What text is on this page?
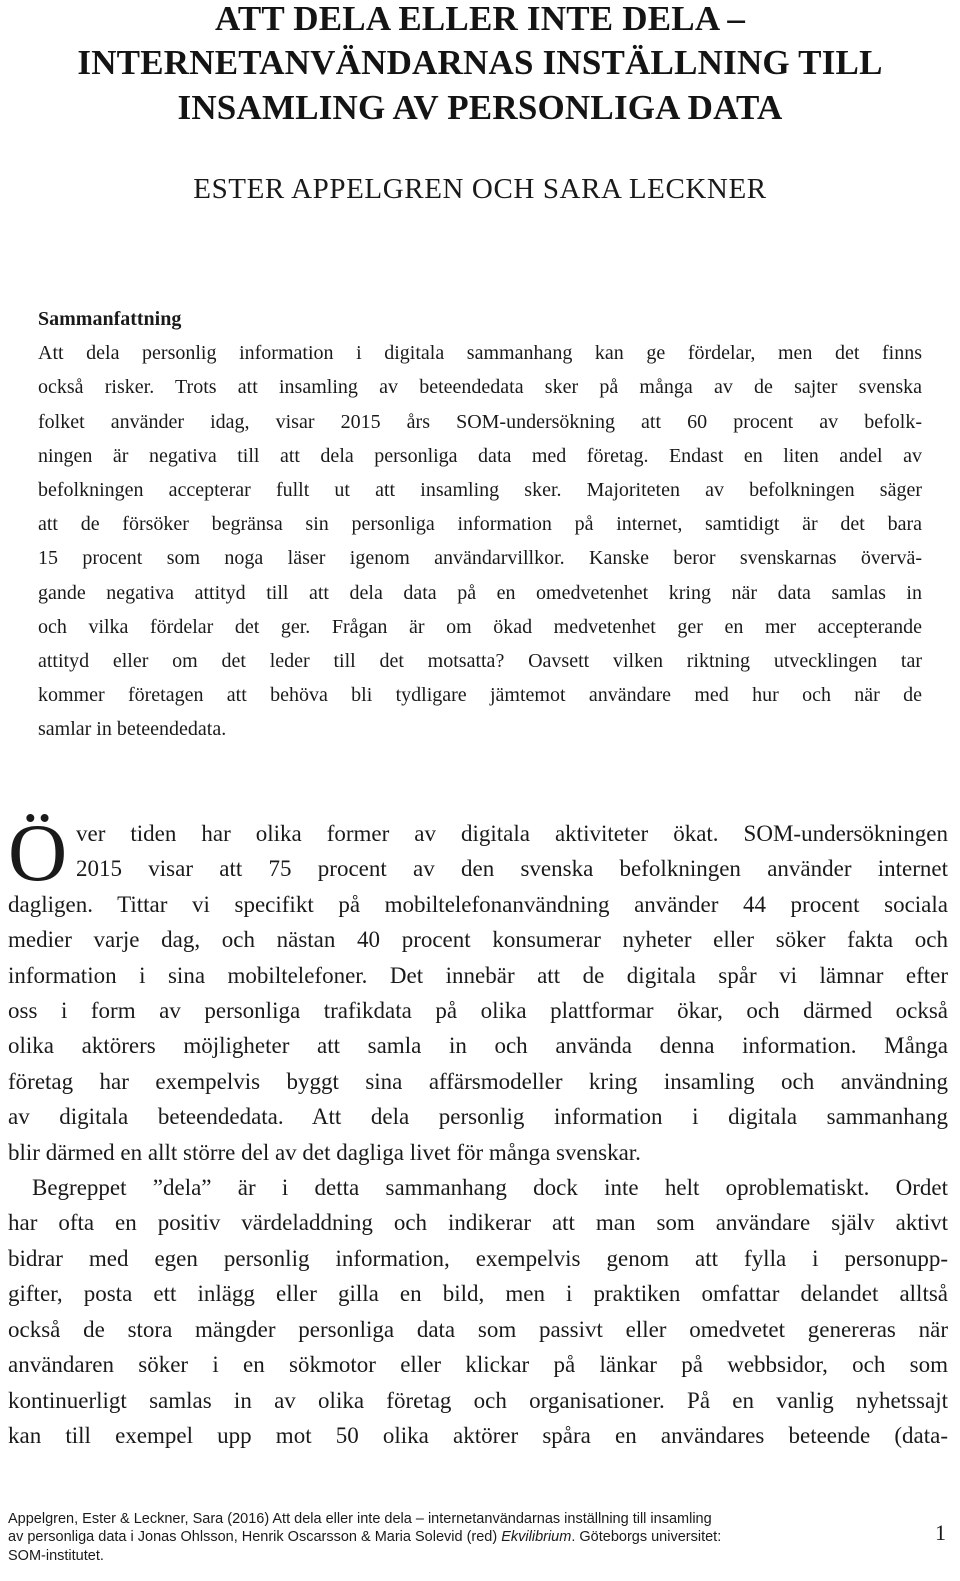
ATT DELA ELLER INTE DELA –
INTERNETANVÄNDARNAS INSTÄLLNING TILL
INSAMLING AV PERSONLIGA DATA
ESTER APPELGREN OCH SARA LECKNER
Sammanfattning
Att dela personlig information i digitala sammanhang kan ge fördelar, men det finns
också risker. Trots att insamling av beteendedata sker på många av de sajter svenska
folket använder idag, visar 2015 års SOM-undersökning att 60 procent av befolk-
ningen är negativa till att dela personliga data med företag. Endast en liten andel av
befolkningen accepterar fullt ut att insamling sker. Majoriteten av befolkningen säger
att de försöker begränsa sin personliga information på internet, samtidigt är det bara
15 procent som noga läser igenom användarvillkor. Kanske beror svenskarnas övervä-
gande negativa attityd till att dela data på en omedvetenhet kring när data samlas in
och vilka fördelar det ger. Frågan är om ökad medvetenhet ger en mer accepterande
attityd eller om det leder till det motsatta? Oavsett vilken riktning utvecklingen tar
kommer företagen att behöva bli tydligare jämtemot användare med hur och när de
samlar in beteendedata.
Ö ver tiden har olika former av digitala aktiviteter ökat. SOM-undersökningen
2015 visar att 75 procent av den svenska befolkningen använder internet
dagligen. Tittar vi specifikt på mobiltelefonanvändning använder 44 procent sociala
medier varje dag, och nästan 40 procent konsumerar nyheter eller söker fakta och
information i sina mobiltelefoner. Det innebär att de digitala spår vi lämnar efter
oss i form av personliga trafikdata på olika plattformar ökar, och därmed också
olika aktörers möjligheter att samla in och använda denna information. Många
företag har exempelvis byggt sina affärsmodeller kring insamling och användning
av digitala beteendedata. Att dela personlig information i digitala sammanhang
blir därmed en allt större del av det dagliga livet för många svenskar.
Begreppet ”dela” är i detta sammanhang dock inte helt oproblematiskt. Ordet
har ofta en positiv värdeladdning och indikerar att man som användare själv aktivt
bidrar med egen personlig information, exempelvis genom att fylla i personupp-
gifter, posta ett inlägg eller gilla en bild, men i praktiken omfattar delandet alltså
också de stora mängder personliga data som passivt eller omedvetet genereras när
användaren söker i en sökmotor eller klickar på länkar på webbsidor, och som
kontinuerligt samlas in av olika företag och organisationer. På en vanlig nyhetssajt
kan till exempel upp mot 50 olika aktörer spåra en användares beteende (data-
Appelgren, Ester & Leckner, Sara (2016) Att dela eller inte dela – internetanvändarnas inställning till insamling
av personliga data i Jonas Ohlsson, Henrik Oscarsson & Maria Solevid (red) Ekvilibrium. Göteborgs universitet:
SOM-institutet.
1
